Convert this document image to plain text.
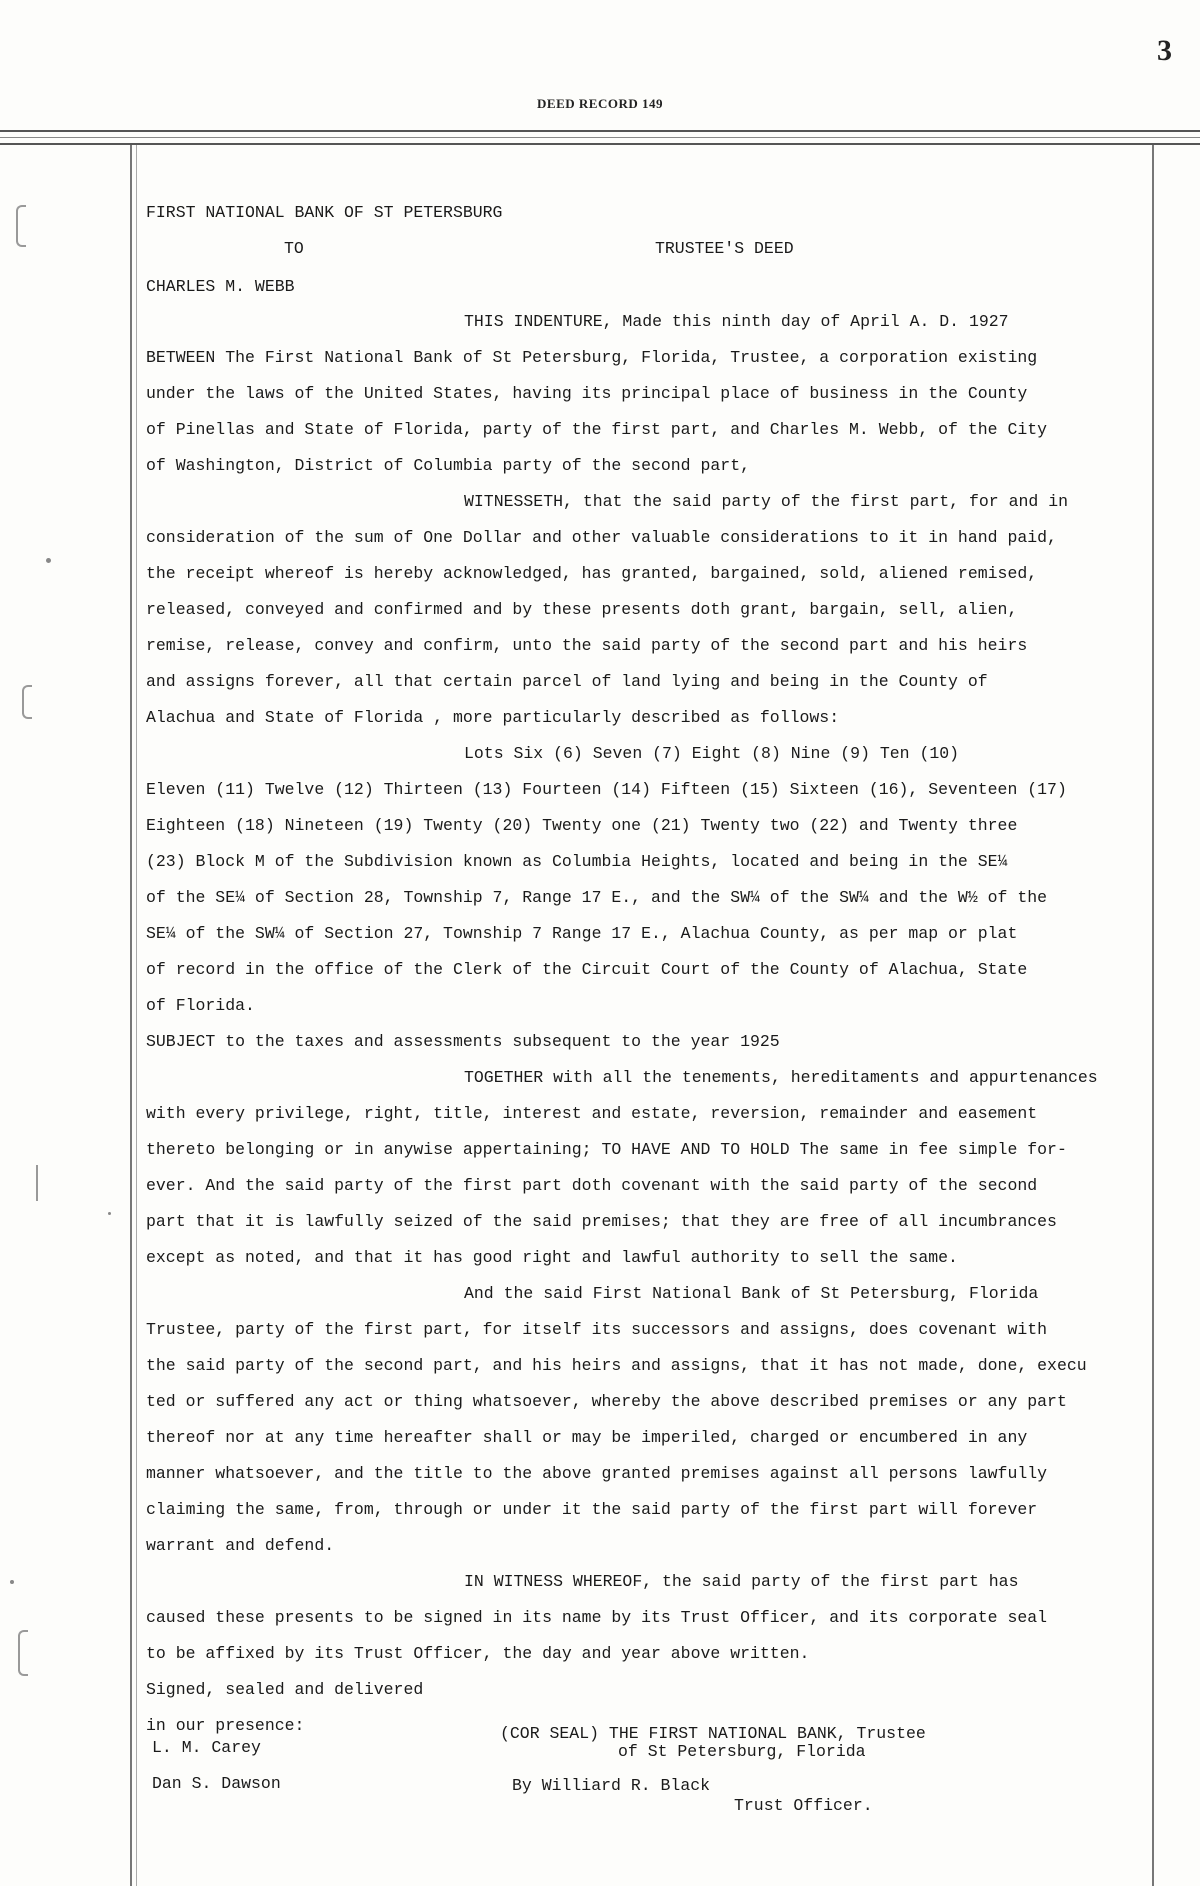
3
DEED RECORD 149
FIRST NATIONAL BANK OF ST PETERSBURG
TO	TRUSTEE'S DEED
CHARLES M. WEBB
THIS INDENTURE, Made this ninth day of April A. D. 1927
BETWEEN The First National Bank of St Petersburg, Florida, Trustee, a corporation existing
under the laws of the United States, having its principal place of business in the County
of Pinellas and State of Florida, party of the first part, and Charles M. Webb, of the City
of Washington, District of Columbia party of the second part,
WITNESSETH, that the said party of the first part, for and in
consideration of the sum of One Dollar and other valuable considerations to it in hand paid,
the receipt whereof is hereby acknowledged, has granted, bargained, sold, aliened remised,
released, conveyed and confirmed and by these presents doth grant, bargain, sell, alien,
remise, release, convey and confirm, unto the said party of the second part and his heirs
and assigns forever, all that certain parcel of land lying and being in the County of
Alachua and State of Florida , more particularly described as follows:
Lots Six (6) Seven (7) Eight (8) Nine (9) Ten (10)
Eleven (11) Twelve (12) Thirteen (13) Fourteen (14) Fifteen (15) Sixteen (16), Seventeen (17)
Eighteen (18) Nineteen (19) Twenty (20) Twenty one (21) Twenty two (22) and Twenty three
(23) Block M of the Subdivision known as Columbia Heights, located and being in the SE¼
of the SE¼ of Section 28, Township 7, Range 17 E., and the SW¼ of the SW¼ and the W½ of the
SE¼ of the SW¼ of Section 27, Township 7 Range 17 E., Alachua County, as per map or plat
of record in the office of the Clerk of the Circuit Court of the County of Alachua, State
of Florida.
SUBJECT to the taxes and assessments subsequent to the year 1925
TOGETHER with all the tenements, hereditaments and appurtenances
with every privilege, right, title, interest and estate, reversion, remainder and easement
thereto belonging or in anywise appertaining; TO HAVE AND TO HOLD The same in fee simple for-
ever. And the said party of the first part doth covenant with the said party of the second
part that it is lawfully seized of the said premises; that they are free of all incumbrances
except as noted, and that it has good right and lawful authority to sell the same.
And the said First National Bank of St Petersburg, Florida
Trustee, party of the first part, for itself its successors and assigns, does covenant with
the said party of the second part, and his heirs and assigns, that it has not made, done, execu
ted or suffered any act or thing whatsoever, whereby the above described premises or any part
thereof nor at any time hereafter shall or may be imperiled, charged or encumbered in any
manner whatsoever, and the title to the above granted premises against all persons lawfully
claiming the same, from, through or under it the said party of the first part will forever
warrant and defend.
IN WITNESS WHEREOF, the said party of the first part has
caused these presents to be signed in its name by its Trust Officer, and its corporate seal
to be affixed by its Trust Officer, the day and year above written.
Signed, sealed and delivered
in our presence:
L. M. Carey
Dan S. Dawson
(COR SEAL) THE FIRST NATIONAL BANK, Trustee
of St Petersburg, Florida
By Williard R. Black
Trust Officer.
